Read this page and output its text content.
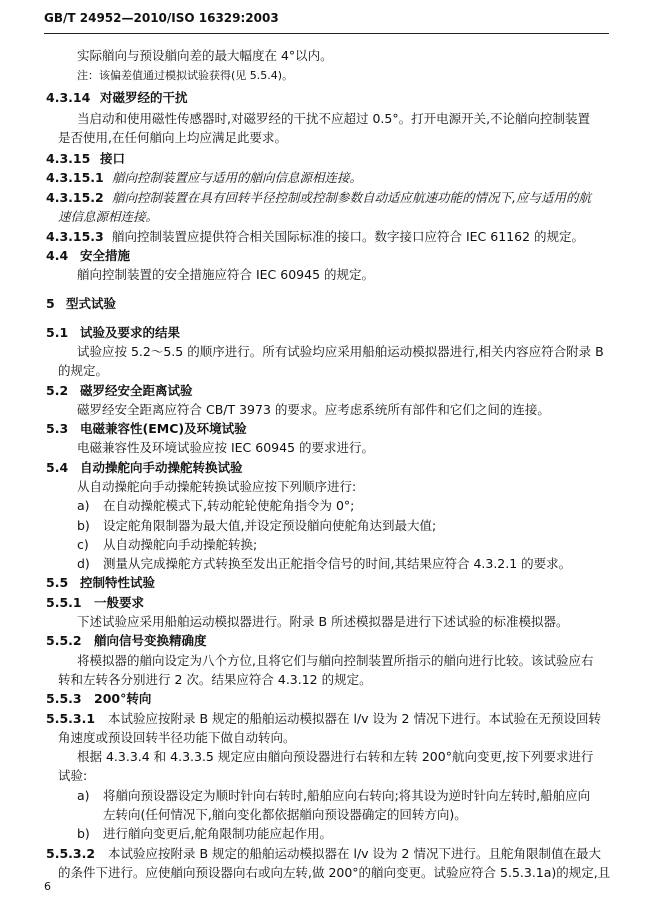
GB/T 24952—2010/ISO 16329:2003
实际艏向与预设艏向差的最大幅度在 4°以内。
注：该偏差值通过模拟试验获得(见 5.5.4)。
4.3.14 对磁罗经的干扰
当启动和使用磁性传感器时,对磁罗经的干扰不应超过 0.5°。打开电源开关,不论艏向控制装置
是否使用,在任何艏向上均应满足此要求。
4.3.15 接口
4.3.15.1 艏向控制装置应与适用的艏向信息源相连接。
4.3.15.2 艏向控制装置在具有回转半径控制或控制参数自动适应航速功能的情况下,应与适用的航
速信息源相连接。
4.3.15.3 艏向控制装置应提供符合相关国际标准的接口。数字接口应符合 IEC 61162 的规定。
4.4 安全措施
艏向控制装置的安全措施应符合 IEC 60945 的规定。
5 型式试验
5.1 试验及要求的结果
试验应按 5.2～5.5 的顺序进行。所有试验均应采用船舶运动模拟器进行,相关内容应符合附录 B
的规定。
5.2 磁罗经安全距离试验
磁罗经安全距离应符合 CB/T 3973 的要求。应考虑系统所有部件和它们之间的连接。
5.3 电磁兼容性(EMC)及环境试验
电磁兼容性及环境试验应按 IEC 60945 的要求进行。
5.4 自动操舵向手动操舵转换试验
从自动操舵向手动操舵转换试验应按下列顺序进行:
a) 在自动操舵模式下,转动舵轮使舵角指令为 0°;
b) 设定舵角限制器为最大值,并设定预设艏向使舵角达到最大值;
c) 从自动操舵向手动操舵转换;
d) 测量从完成操舵方式转换至发出正舵指令信号的时间,其结果应符合 4.3.2.1 的要求。
5.5 控制特性试验
5.5.1 一般要求
下述试验应采用船舶运动模拟器进行。附录 B 所述模拟器是进行下述试验的标准模拟器。
5.5.2 艏向信号变换精确度
将模拟器的艏向设定为八个方位,且将它们与艏向控制装置所指示的艏向进行比较。该试验应右
转和左转各分别进行 2 次。结果应符合 4.3.12 的规定。
5.5.3 200°转向
5.5.3.1 本试验应按附录 B 规定的船舶运动模拟器在 l/v 设为 2 情况下进行。本试验在无预设回转
角速度或预设回转半径功能下做自动转向。
根据 4.3.3.4 和 4.3.3.5 规定应由艏向预设器进行右转和左转 200°航向变更,按下列要求进行
试验:
a) 将艏向预设器设定为顺时针向右转时,船舶应向右转向;将其设为逆时针向左转时,船舶应向
左转向(任何情况下,艏向变化都依据艏向预设器确定的回转方向)。
b) 进行艏向变更后,舵角限制功能应起作用。
5.5.3.2 本试验应按附录 B 规定的船舶运动模拟器在 l/v 设为 2 情况下进行。且舵角限制值在最大
的条件下进行。应使艏向预设器向右或向左转,做 200°的艏向变更。试验应符合 5.5.3.1a)的规定,且
6
